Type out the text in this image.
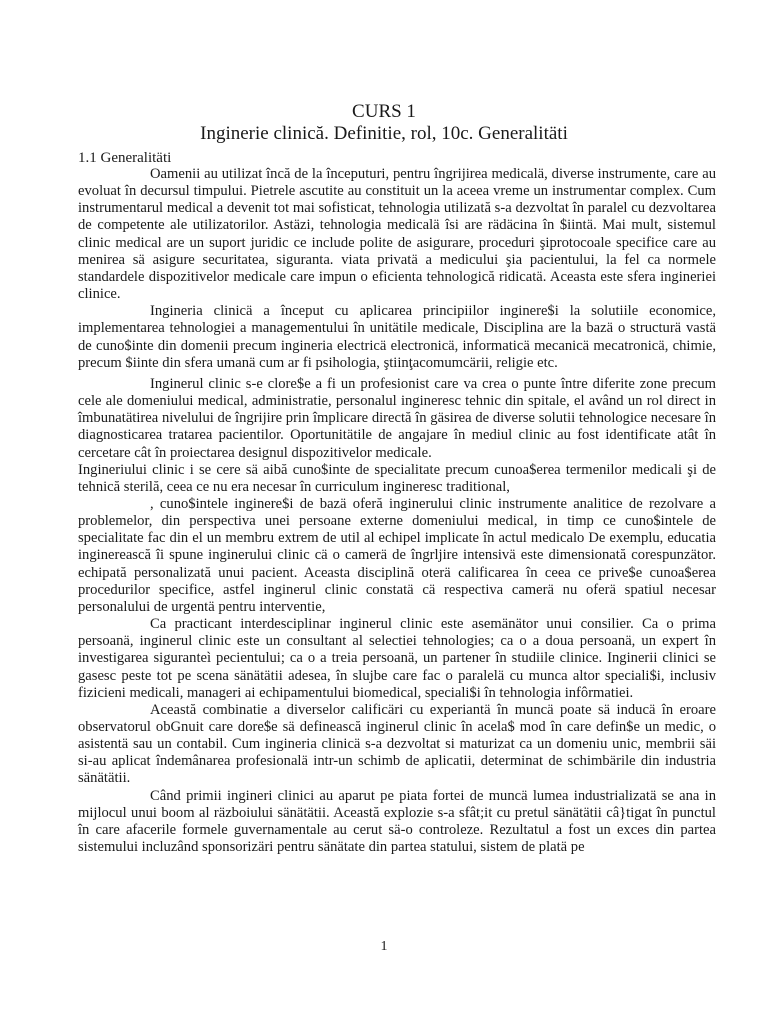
CURS 1
Inginerie clinică. Definitie, rol, 10c. Generalitäti
1.1 Generalitäti

Oamenii au utilizat încă de la începuturi, pentru îngrijirea medicalä, diverse instrumente, care au evoluat în decursul timpului. Pietrele ascutite au constituit un la aceea vreme un instrumentar complex. Cum instrumentarul medical a devenit tot mai sofisticat, tehnologia utilizată s-a dezvoltat în paralel cu dezvoltarea de competente ale utilizatorilor. Astäzi, tehnologia medicalä îsi are rädäcina în $iintä. Mai mult, sistemul clinic medical are un suport juridic ce include polite de asigurare, proceduri şiprotocoale specifice care au menirea sä asigure securitatea, siguranta. viata privatä a medicului şia pacientului, la fel ca normele standardele dispozitivelor medicale care impun o eficienta tehnologică ridicatä. Aceasta este sfera ingineriei clinice.

Ingineria clinicä a început cu aplicarea principiilor inginere$i la solutiile economice, implementarea tehnologiei a managementului în unitätile medicale, Disciplina are la bazä o structurä vastä de cuno$inte din domenii precum ingineria electricä electronicä, informaticä mecanicä mecatronicä, chimie, precum $iinte din sfera umanä cum ar fi psihologia, ştiinţacomumcärii, religie etc.

Inginerul clinic s-e clore$e a fi un profesionist care va crea o punte între diferite zone precum cele ale domeniului medical, administratie, personalul ingineresc tehnic din spitale, el având un rol direct in îmbunatätirea nivelului de îngrijire prin împlicare directă în gäsirea de diverse solutii tehnologice necesare în diagnosticarea tratarea pacientilor. Oportunitätile de angajare în mediul clinic au fost identificate atât în cercetare cât în proiectarea designul dispozitivelor medicale.

Ingineriului clinic i se cere sä aibă cuno$inte de specialitate precum cunoa$erea termenilor medicali şi de tehnică sterilă, ceea ce nu era necesar în curriculum ingineresc traditional,

, cuno$intele inginere$i de bazä oferă inginerului clinic instrumente analitice de rezolvare a problemelor, din perspectiva unei persoane externe domeniului medical, in timp ce cuno$intele de specialitate fac din el un membru extrem de util al echipel implicate în actul medicalo De exemplu, educatia inginerească îi spune inginerului clinic cä o camerä de îngrljire intensivä este dimensionată corespunzätor. echipată personalizată unui pacient. Aceasta disciplină oterä calificarea în ceea ce prive$e cunoa$erea procedurilor specifice, astfel inginerul clinic constatä cä respectiva camerä nu oferä spatiul necesar personalului de urgentä pentru interventie,

Ca practicant interdesciplinar inginerul clinic este asemänätor unui consilier. Ca o prima persoanä, inginerul clinic este un consultant al selectiei tehnologies; ca o a doua persoanä, un expert în investigarea siguranteì pecientului; ca o a treia persoanä, un partener în studiile clinice. Inginerii clinici se gasesc peste tot pe scena sänätätii adesea, în slujbe care fac o paralelä cu munca altor speciali$i, inclusiv fizicieni medicali, manageri ai echipamentului biomedical, speciali$i în tehnologia infôrmatiei.

Această combinatie a diverselor calificäri cu experiantä în muncä poate sä inducä în eroare observatorul obGnuit care dore$e sä definească inginerul clinic în acela$ mod în care defin$e un medic, o asistentä sau un contabil. Cum ingineria clinicä s-a dezvoltat si maturizat ca un domeniu unic, membrii säi si-au aplicat îndemânarea profesionalä intr-un schimb de aplicatii, determinat de schimbärile din industria sänätätii.

Când primii ingineri clinici au aparut pe piata fortei de muncä lumea industrializatä se ana in mijlocul unui boom al räzboiului sänätätii. Această explozie s-a sfât;it cu pretul sänätätii câ}tigat în punctul în care afacerile formele guvernamentale au cerut sä-o controleze. Rezultatul a fost un exces din partea sistemului incluzând sponsorizäri pentru sänätate din partea statului, sistem de platä pe

1
